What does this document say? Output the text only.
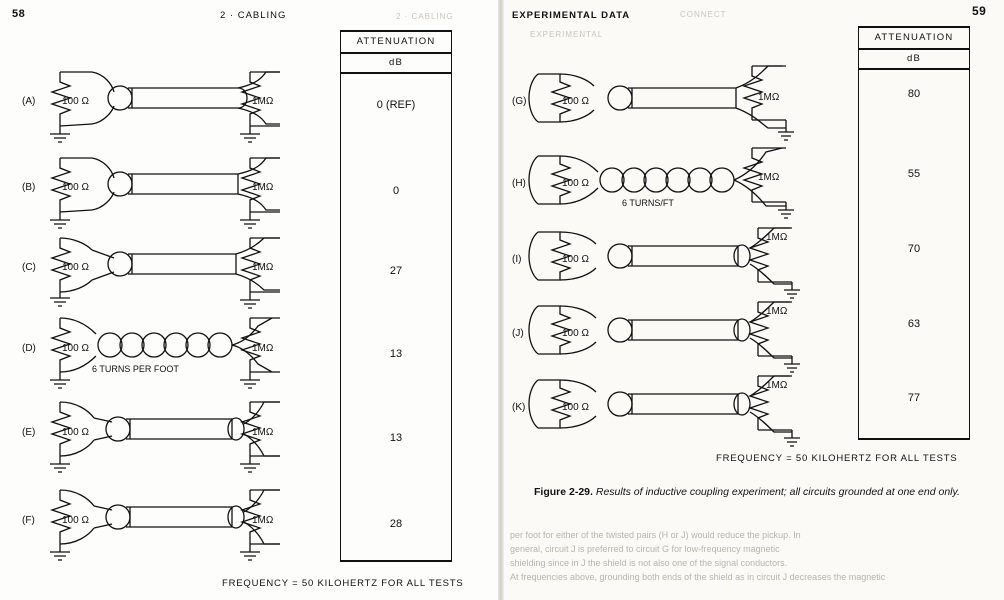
58	2 · CABLING	59
EXPERIMENTAL DATA
2 · CABLING	CONNECT
EXPERIMENTAL
(A)	100 Ω	1MΩ
(B)	100 Ω	1MΩ
(C)	100 Ω	1MΩ
(D)	100 Ω	1MΩ
6 TURNS PER FOOT
(E)	100 Ω	1MΩ
(F)	100 Ω	1MΩ
ATTENUATION
dB
0 (REF)
0
27
13
13
28
FREQUENCY = 50 KILOHERTZ FOR ALL TESTS
(G)	100 Ω	1MΩ
(H)	100 Ω
1MΩ
6 TURNS/FT
(I)	100 Ω
1MΩ
(J)	100 Ω
1MΩ
(K)	100 Ω
1MΩ
ATTENUATION
dB
80
55
70
63
77
FREQUENCY = 50 KILOHERTZ FOR ALL TESTS
Figure 2-29. Results of inductive coupling experiment; all circuits grounded at one end only.
per foot for either of the twisted pairs (H or J) would reduce the pickup. In
general, circuit J is preferred to circuit G for low-frequency magnetic
shielding since in J the shield is not also one of the signal conductors.
At frequencies above, grounding both ends of the shield as in circuit J decreases the magnetic
